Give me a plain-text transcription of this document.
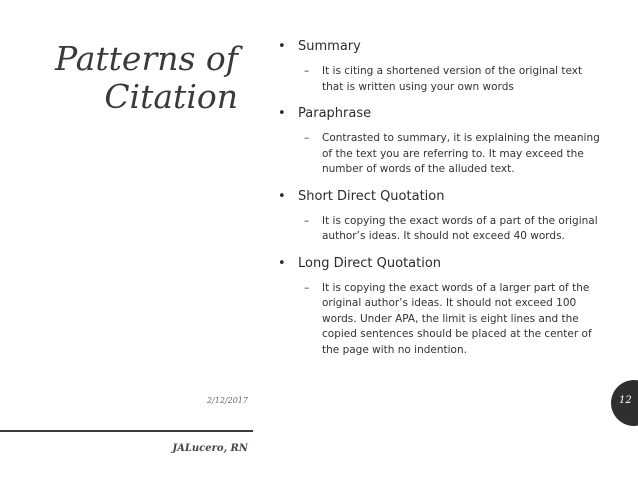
Patterns of
Citation
• Summary
– It is citing a shortened version of the original text that is written using your own words
• Paraphrase
– Contrasted to summary, it is explaining the meaning of the text you are referring to. It may exceed the number of words of the alluded text.
• Short Direct Quotation
– It is copying the exact words of a part of the original author’s ideas. It should not exceed 40 words.
• Long Direct Quotation
– It is copying the exact words of a larger part of the original author’s ideas. It should not exceed 100 words. Under APA, the limit is eight lines and the copied sentences should be placed at the center of the page with no indention.
2/12/2017
JALucero, RN
12
